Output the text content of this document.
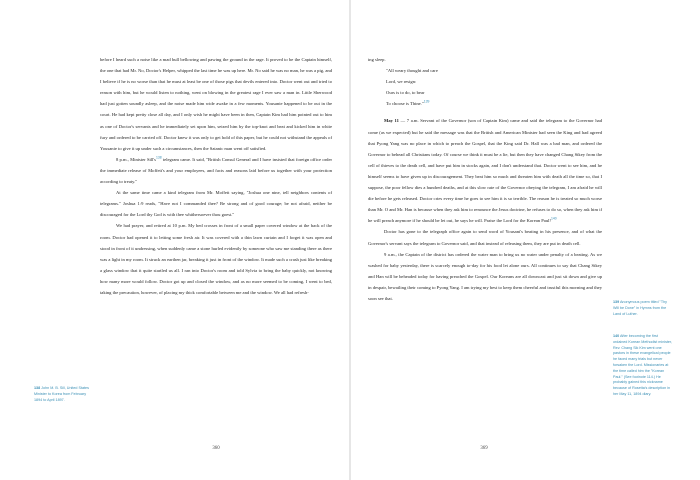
before I heard such a noise like a mad bull bellowing and pawing the ground in the rage. It proved to be the Captain himself, the one that had Mr. No, Doctor's Helper, whipped the last time he was up here. Mr. No said he was no man, he was a pig, and I believe if he is no worse than that he must at least be one of those pigs that devils entered into. Doctor went out and tried to reason with him, but he would listen to nothing, went on blowing in the greatest rage I ever saw a man in. Little Sherwood had just gotten soundly asleep, and the noise made him wide awake in a few moments. Yousanie happened to be out in the court. He had kept pretty close all day, and I only wish he might have been in then, Captain Kim had him pointed out to him as one of Doctor's servants and he immediately set upon him, seized him by the top-knot and beat and kicked him in white fury and ordered to be carried off. Doctor knew it was only to get hold of this paper, but he could not withstand the appeals of Yousanie to give it up under such a circumstances, then the Satanic man went off satisfied.

8 p.m., Minister Sill's$^{138}$ telegram came. It said, "British Consul General and I have insisted that foreign office order the immediate release of Moffett's and your employees, and facts and reasons laid before us together with your protection according to treaty."

At the same time came a kind telegram from Mr. Moffett saying, "Joshua one nine, tell neighbors contents of telegrams." Joshua 1:9 reads, "Have not I commanded thee? Be strong and of good courage; be not afraid, neither be discouraged for the Lord thy God is with thee whithersoever thou goest."

We had prayer, and retired at 10 p.m. My bed crosses in front of a small paper covered window at the back of the room. Doctor had opened it to letting some fresh air. It was covered with a thin lawn curtain and I forget it was open and stood in front of it undressing, when suddenly came a stone hurled evidently by someone who saw me standing there as there was a light in my room. It struck an earthen jar, breaking it just in front of the window. It made such a crash just like breaking a glass window that it quite startled us all. I ran into Doctor's room and told Sylvia to bring the baby quickly, not knowing how many more would follow. Doctor got up and closed the window, and as no more seemed to be coming, I went to bed, taking the precaution, however, of placing my thick comfortable between me and the window. We all had refresh-

138 John M. B. Sill, United States Minister to Korea from February 1894 to April 1897.
360

ing sleep.

"All weary thought and care
Lord, we resign:
Ours is to do, to bear
To choose is Thine."$^{139}$

May 11 — 7 a.m. Servant of the Governor (son of Captain Kim) came and said the telegram to the Governor had come (as we expected) but he said the message was that the British and American Minister had seen the King and had agreed that Pyong Yang was no place in which to preach the Gospel, that the King said Dr. Hall was a bad man, and ordered the Governor to behead all Christians today. Of course we think it must be a lie, but then they have changed Chang Sikey from the cell of thieves to the death cell, and have put him in stocks again, and I don't understand that. Doctor went to see him, and he himself seems to have given up in discouragement. They beat him so much and threaten him with death all the time so, that I suppose, the poor fellow dies a hundred deaths, and at this slow rate of the Governor obeying the telegram, I am afraid he will die before he gets released. Doctor cries every time he goes to see him it is so terrible. The reason he is treated so much worse than Mr. O and Mr. Han is because when they ask him to renounce the Jesus doctrine, he refuses to do so, when they ask him if he will preach anymore if he should be let out, he says he will. Praise the Lord for the Korean Paul!$^{140}$

Doctor has gone to the telegraph office again to send word of Yousani's beating in his presence, and of what the Governor's servant says the telegram to Governor said, and that instead of releasing them, they are put in death cell.

9 a.m., the Captain of the district has ordered the water man to bring us no water under penalty of a beating. As we washed for baby yesterday, there is scarcely enough to-day for his food let alone ours. All continues to say that Chang Sikey and Han will be beheaded today for having preached the Gospel. Our Koreans are all downcast and just sit down and give up in despair, bewailing their coming to Pyong Yang. I am trying my best to keep them cheerful and trustful this morning and they soon see that.

139 Anonymous poem titled "Thy Will be Done" in Hymns from the Land of Luther.
140 After becoming the first ordained Korean Methodist minister, Rev. Chang Sik Kim went one pastors in these evangelical people he faced many trials but never forsaken the Lord. Missionaries at the time called him the "Korean Paul." (See footnote 114.) He probably gained this nickname because of Rosetta's description in her May 11, 1894 diary.
369
